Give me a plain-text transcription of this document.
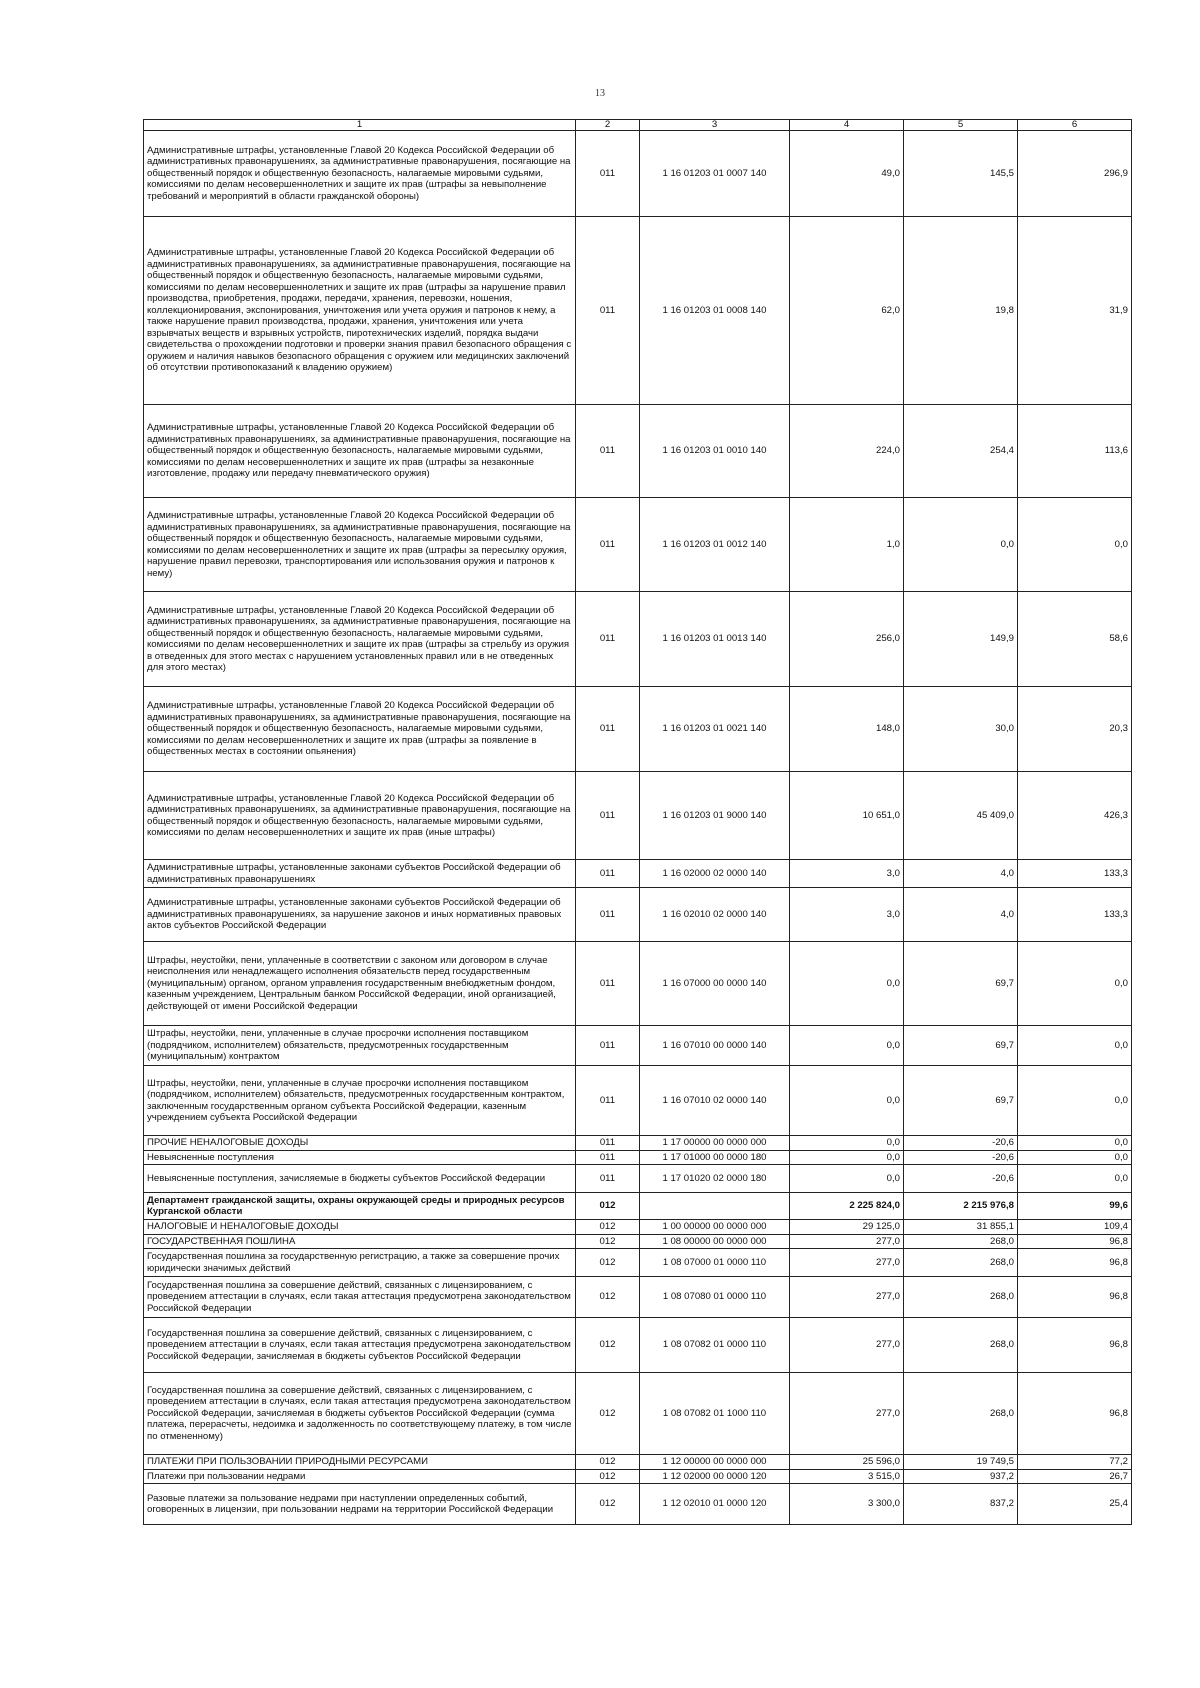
13
1	2	3	4	5	6
Административные штрафы, установленные Главой 20 Кодекса Российской Федерации об административных правонарушениях, за административные правонарушения, посягающие на общественный порядок и общественную безопасность, налагаемые мировыми судьями, комиссиями по делам несовершеннолетних и защите их прав (штрафы за невыполнение требований и мероприятий в области гражданской обороны)	011	1 16 01203 01 0007 140	49,0	145,5	296,9
Административные штрафы, установленные Главой 20 Кодекса Российской Федерации об административных правонарушениях, за административные правонарушения, посягающие на общественный порядок и общественную безопасность, налагаемые мировыми судьями, комиссиями по делам несовершеннолетних и защите их прав (штрафы за нарушение правил производства, приобретения, продажи, передачи, хранения, перевозки, ношения, коллекционирования, экспонирования, уничтожения или учета оружия и патронов к нему, а также нарушение правил производства, продажи, хранения, уничтожения или учета взрывчатых веществ и взрывных устройств, пиротехнических изделий, порядка выдачи свидетельства о прохождении подготовки и проверки знания правил безопасного обращения с оружием и наличия навыков безопасного обращения с оружием или медицинских заключений об отсутствии противопоказаний к владению оружием)	011	1 16 01203 01 0008 140	62,0	19,8	31,9
Административные штрафы, установленные Главой 20 Кодекса Российской Федерации об административных правонарушениях, за административные правонарушения, посягающие на общественный порядок и общественную безопасность, налагаемые мировыми судьями, комиссиями по делам несовершеннолетних и защите их прав (штрафы за незаконные изготовление, продажу или передачу пневматического оружия)	011	1 16 01203 01 0010 140	224,0	254,4	113,6
Административные штрафы, установленные Главой 20 Кодекса Российской Федерации об административных правонарушениях, за административные правонарушения, посягающие на общественный порядок и общественную безопасность, налагаемые мировыми судьями, комиссиями по делам несовершеннолетних и защите их прав (штрафы за пересылку оружия, нарушение правил перевозки, транспортирования или использования оружия и патронов к нему)	011	1 16 01203 01 0012 140	1,0	0,0	0,0
Административные штрафы, установленные Главой 20 Кодекса Российской Федерации об административных правонарушениях, за административные правонарушения, посягающие на общественный порядок и общественную безопасность, налагаемые мировыми судьями, комиссиями по делам несовершеннолетних и защите их прав (штрафы за стрельбу из оружия в отведенных для этого местах с нарушением установленных правил или в не отведенных для этого местах)	011	1 16 01203 01 0013 140	256,0	149,9	58,6
Административные штрафы, установленные Главой 20 Кодекса Российской Федерации об административных правонарушениях, за административные правонарушения, посягающие на общественный порядок и общественную безопасность, налагаемые мировыми судьями, комиссиями по делам несовершеннолетних и защите их прав (штрафы за появление в общественных местах в состоянии опьянения)	011	1 16 01203 01 0021 140	148,0	30,0	20,3
Административные штрафы, установленные Главой 20 Кодекса Российской Федерации об административных правонарушениях, за административные правонарушения, посягающие на общественный порядок и общественную безопасность, налагаемые мировыми судьями, комиссиями по делам несовершеннолетних и защите их прав (иные штрафы)	011	1 16 01203 01 9000 140	10 651,0	45 409,0	426,3
Административные штрафы, установленные законами субъектов Российской Федерации об административных правонарушениях	011	1 16 02000 02 0000 140	3,0	4,0	133,3
Административные штрафы, установленные законами субъектов Российской Федерации об административных правонарушениях, за нарушение законов и иных нормативных правовых актов субъектов Российской Федерации	011	1 16 02010 02 0000 140	3,0	4,0	133,3
Штрафы, неустойки, пени, уплаченные в соответствии с законом или договором в случае неисполнения или ненадлежащего исполнения обязательств перед государственным (муниципальным) органом, органом управления государственным внебюджетным фондом, казенным учреждением, Центральным банком Российской Федерации, иной организацией, действующей от имени Российской Федерации	011	1 16 07000 00 0000 140	0,0	69,7	0,0
Штрафы, неустойки, пени, уплаченные в случае просрочки исполнения поставщиком (подрядчиком, исполнителем) обязательств, предусмотренных государственным (муниципальным) контрактом	011	1 16 07010 00 0000 140	0,0	69,7	0,0
Штрафы, неустойки, пени, уплаченные в случае просрочки исполнения поставщиком (подрядчиком, исполнителем) обязательств, предусмотренных государственным контрактом, заключенным государственным органом субъекта Российской Федерации, казенным учреждением субъекта Российской Федерации	011	1 16 07010 02 0000 140	0,0	69,7	0,0
ПРОЧИЕ НЕНАЛОГОВЫЕ ДОХОДЫ	011	1 17 00000 00 0000 000	0,0	-20,6	0,0
Невыясненные поступления	011	1 17 01000 00 0000 180	0,0	-20,6	0,0
Невыясненные поступления, зачисляемые в бюджеты субъектов Российской Федерации	011	1 17 01020 02 0000 180	0,0	-20,6	0,0
Департамент гражданской защиты, охраны окружающей среды и природных ресурсов Курганской области	012		2 225 824,0	2 215 976,8	99,6
НАЛОГОВЫЕ И НЕНАЛОГОВЫЕ ДОХОДЫ	012	1 00 00000 00 0000 000	29 125,0	31 855,1	109,4
ГОСУДАРСТВЕННАЯ ПОШЛИНА	012	1 08 00000 00 0000 000	277,0	268,0	96,8
Государственная пошлина за государственную регистрацию, а также за совершение прочих юридически значимых действий	012	1 08 07000 01 0000 110	277,0	268,0	96,8
Государственная пошлина за совершение действий, связанных с лицензированием, с проведением аттестации в случаях, если такая аттестация предусмотрена законодательством Российской Федерации	012	1 08 07080 01 0000 110	277,0	268,0	96,8
Государственная пошлина за совершение действий, связанных с лицензированием, с проведением аттестации в случаях, если такая аттестация предусмотрена законодательством Российской Федерации, зачисляемая в бюджеты субъектов Российской Федерации	012	1 08 07082 01 0000 110	277,0	268,0	96,8
Государственная пошлина за совершение действий, связанных с лицензированием, с проведением аттестации в случаях, если такая аттестация предусмотрена законодательством Российской Федерации, зачисляемая в бюджеты субъектов Российской Федерации (сумма платежа, перерасчеты, недоимка и задолженность по соответствующему платежу, в том числе по отмененному)	012	1 08 07082 01 1000 110	277,0	268,0	96,8
ПЛАТЕЖИ ПРИ ПОЛЬЗОВАНИИ ПРИРОДНЫМИ РЕСУРСАМИ	012	1 12 00000 00 0000 000	25 596,0	19 749,5	77,2
Платежи при пользовании недрами	012	1 12 02000 00 0000 120	3 515,0	937,2	26,7
Разовые платежи за пользование недрами при наступлении определенных событий, оговоренных в лицензии, при пользовании недрами на территории Российской Федерации	012	1 12 02010 01 0000 120	3 300,0	837,2	25,4
